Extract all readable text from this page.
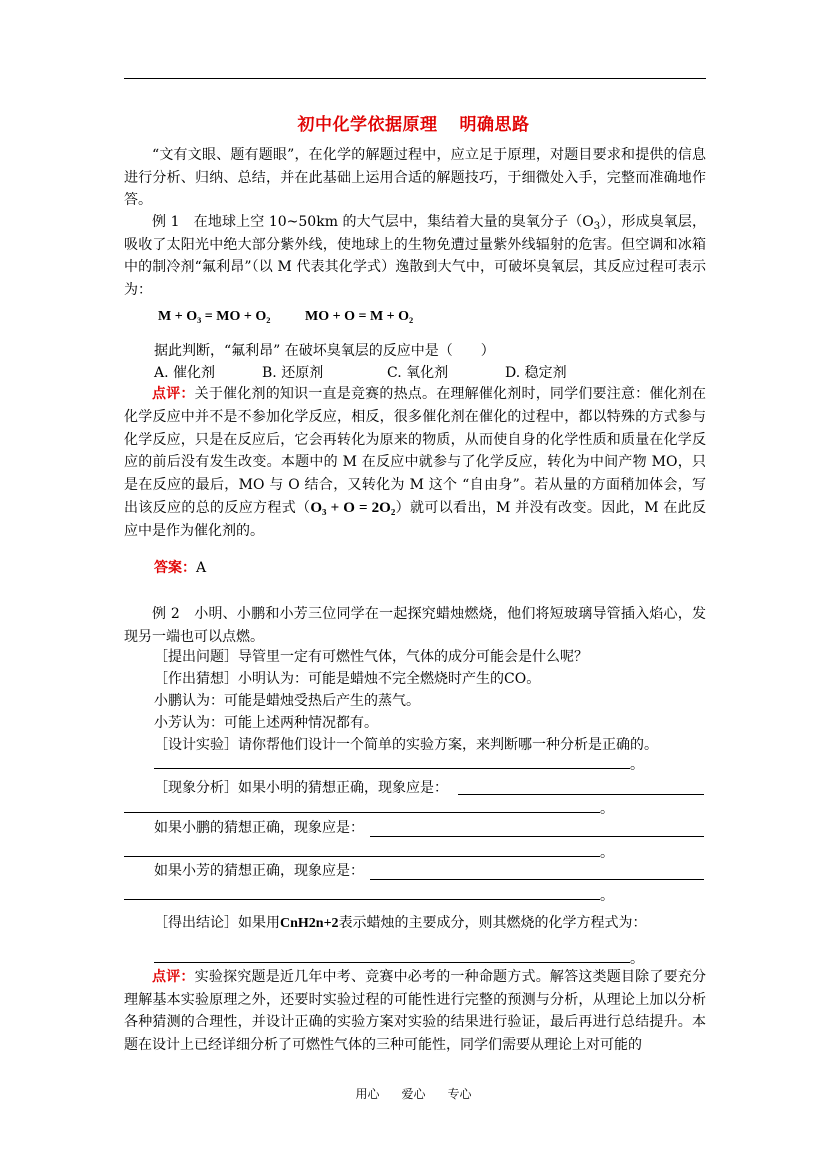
初中化学依据原理 明确思路

“文有文眼、题有题眼”，在化学的解题过程中，应立足于原理，对题目要求和提供的信息进行分析、归纳、总结，并在此基础上运用合适的解题技巧，于细微处入手，完整而准确地作答。

例 1　在地球上空 10~50km 的大气层中，集结着大量的臭氧分子$(O_3)$，形成臭氧层，吸收了太阳光中绝大部分紫外线，使地球上的生物免遭过量紫外线辐射的危害。但空调和冰箱中的制冷剂“氟利昂”（以 M 代表其化学式）逸散到大气中，可破坏臭氧层，其反应过程可表示为：

M + O₃ = MO + O₂ MO + O = M + O₂
据此判断，“氟利昂” 在破坏臭氧层的反应中是（　　）
A. 催化剂	B. 还原剂	C. 氧化剂	D. 稳定剂

点评：关于催化剂的知识一直是竞赛的热点。在理解催化剂时，同学们要注意：催化剂在化学反应中并不是不参加化学反应，相反，很多催化剂在催化的过程中，都以特殊的方式参与化学反应，只是在反应后，它会再转化为原来的物质，从而使自身的化学性质和质量在化学反应的前后没有发生改变。本题中的 M 在反应中就参与了化学反应，转化为中间产物 MO，只是在反应的最后，MO 与 O 结合，又转化为 M 这个 “自由身”。若从量的方面稍加体会，写出该反应的总的反应方程式（O₃ + O = 2O₂）就可以看出，M 并没有改变。因此，M 在此反应中是作为催化剂的。

答案：A

例 2　小明、小鹏和小芳三位同学在一起探究蜡烛燃烧，他们将短玻璃导管插入焰心，发现另一端也可以点燃。

［提出问题］导管里一定有可燃性气体，气体的成分可能会是什么呢？
［作出猜想］小明认为：可能是蜡烛不完全燃烧时产生的CO。
小鹏认为：可能是蜡烛受热后产生的蒸气。
小芳认为：可能上述两种情况都有。
［设计实验］请你帮他们设计一个简单的实验方案，来判断哪一种分析是正确的。
。
［现象分析］如果小明的猜想正确，现象应是：
。
如果小鹏的猜想正确，现象应是：
。
如果小芳的猜想正确，现象应是：
。
［得出结论］如果用CnH2n+2表示蜡烛的主要成分，则其燃烧的化学方程式为：
。

点评：实验探究题是近几年中考、竞赛中必考的一种命题方式。解答这类题目除了要充分理解基本实验原理之外，还要时实验过程的可能性进行完整的预测与分析，从理论上加以分析各种猜测的合理性，并设计正确的实验方案对实验的结果进行验证，最后再进行总结提升。本题在设计上已经详细分析了可燃性气体的三种可能性，同学们需要从理论上对可能的

用心 爱心 专心
